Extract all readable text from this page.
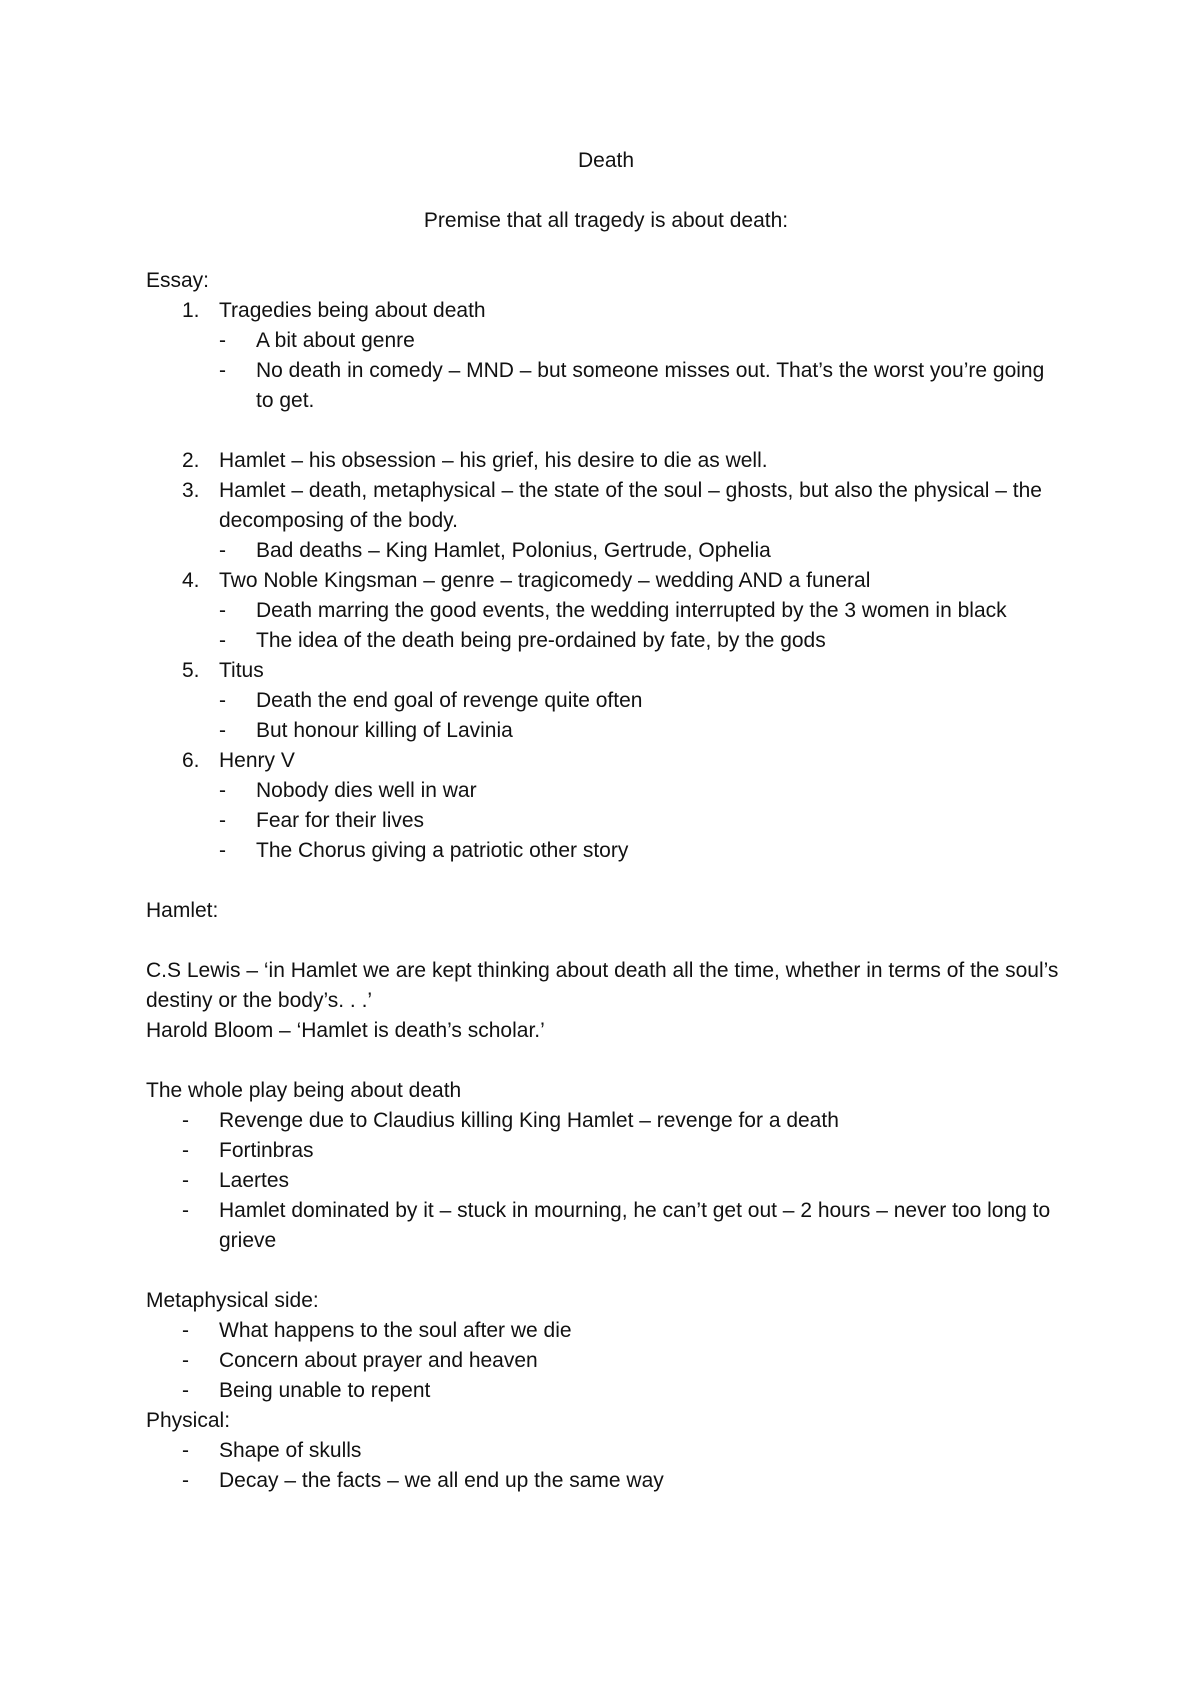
Death
Premise that all tragedy is about death:
Essay:
1. Tragedies being about death
- A bit about genre
- No death in comedy – MND – but someone misses out. That’s the worst you’re going to get.
2. Hamlet – his obsession – his grief, his desire to die as well.
3. Hamlet – death, metaphysical – the state of the soul – ghosts, but also the physical – the decomposing of the body.
- Bad deaths – King Hamlet, Polonius, Gertrude, Ophelia
4. Two Noble Kingsman – genre – tragicomedy – wedding AND a funeral
- Death marring the good events, the wedding interrupted by the 3 women in black
- The idea of the death being pre-ordained by fate, by the gods
5. Titus
- Death the end goal of revenge quite often
- But honour killing of Lavinia
6. Henry V
- Nobody dies well in war
- Fear for their lives
- The Chorus giving a patriotic other story
Hamlet:
C.S Lewis – ‘in Hamlet we are kept thinking about death all the time, whether in terms of the soul’s destiny or the body’s. . .’
Harold Bloom – ‘Hamlet is death’s scholar.’
The whole play being about death
- Revenge due to Claudius killing King Hamlet – revenge for a death
- Fortinbras
- Laertes
- Hamlet dominated by it – stuck in mourning, he can’t get out – 2 hours – never too long to grieve
Metaphysical side:
- What happens to the soul after we die
- Concern about prayer and heaven
- Being unable to repent
Physical:
- Shape of skulls
- Decay – the facts – we all end up the same way
